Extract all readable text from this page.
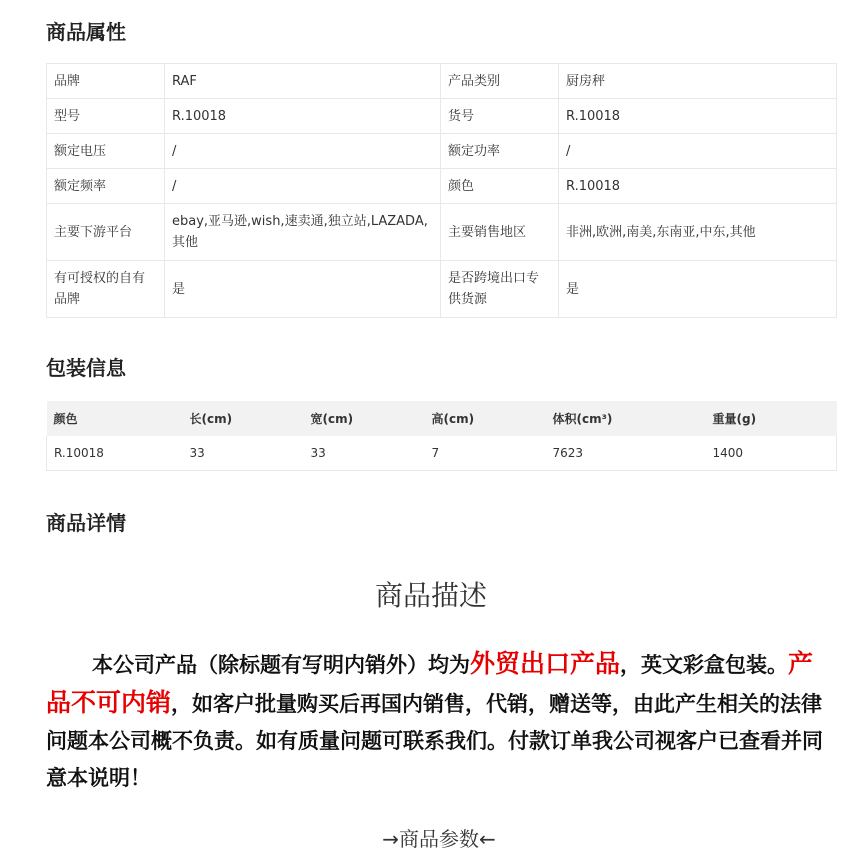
商品属性
品牌	RAF	产品类别	厨房秤
型号	R.10018	货号	R.10018
额定电压	/	额定功率	/
额定频率	/	颜色	R.10018
主要下游平台	ebay,亚马逊,wish,速卖通,独立站,LAZADA,其他	主要销售地区	非洲,欧洲,南美,东南亚,中东,其他
有可授权的自有品牌	是	是否跨境出口专供货源	是
包装信息
颜色	长(cm)	宽(cm)	高(cm)	体积(cm³)	重量(g)
R.10018	33	33	7	7623	1400
商品详情

商品描述

本公司产品（除标题有写明内销外）均为外贸出口产品，英文彩盒包装。产品不可内销，如客户批量购买后再国内销售，代销，赠送等，由此产生相关的法律问题本公司概不负责。如有质量问题可联系我们。付款订单我公司视客户已查看并同意本说明！

→商品参数←
